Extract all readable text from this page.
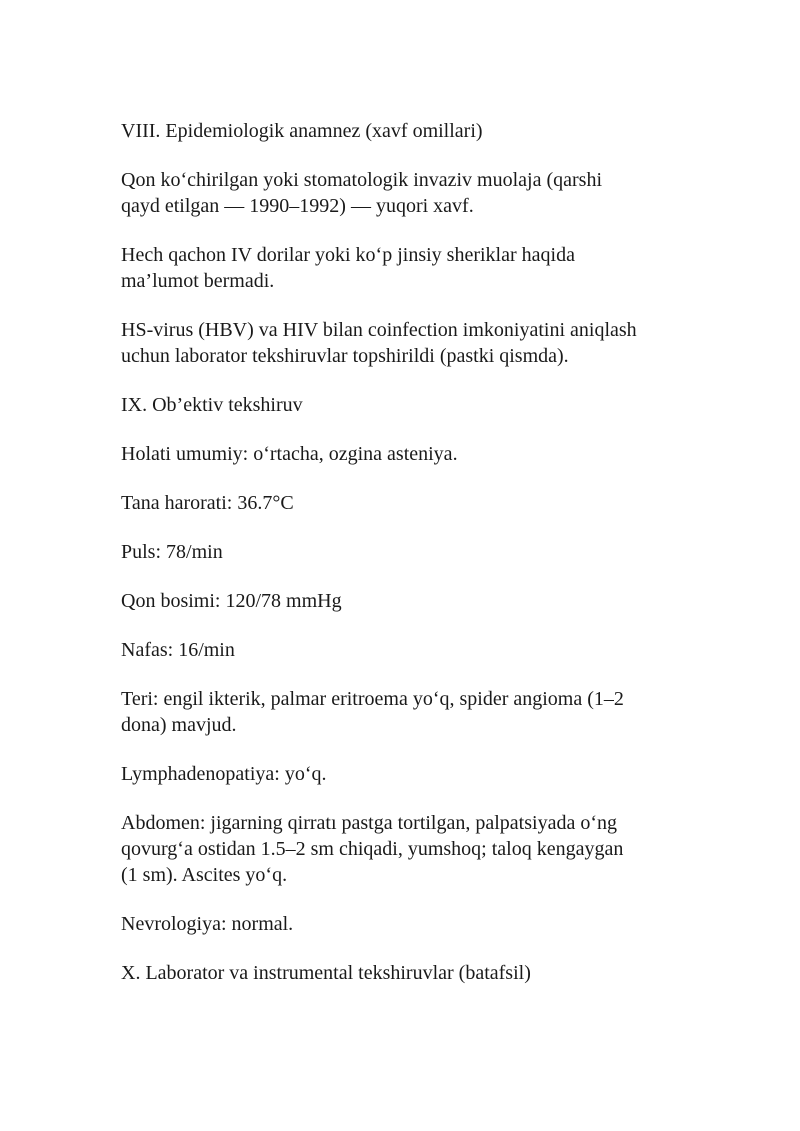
VIII. Epidemiologik anamnez (xavf omillari)

Qon ko‘chirilgan yoki stomatologik invaziv muolaja (qarshi
qayd etilgan — 1990–1992) — yuqori xavf.

Hech qachon IV dorilar yoki ko‘p jinsiy sheriklar haqida
ma’lumot bermadi.

HS-virus (HBV) va HIV bilan coinfection imkoniyatini aniqlash
uchun laborator tekshiruvlar topshirildi (pastki qismda).

IX. Ob’ektiv tekshiruv

Holati umumiy: o‘rtacha, ozgina asteniya.

Tana harorati: 36.7°C

Puls: 78/min

Qon bosimi: 120/78 mmHg

Nafas: 16/min

Teri: engil ikterik, palmar eritroema yo‘q, spider angioma (1–2
dona) mavjud.

Lymphadenopatiya: yo‘q.

Abdomen: jigarning qirratı pastga tortilgan, palpatsiyada o‘ng
qovurg‘a ostidan 1.5–2 sm chiqadi, yumshoq; taloq kengaygan
(1 sm). Ascites yo‘q.

Nevrologiya: normal.

X. Laborator va instrumental tekshiruvlar (batafsil)
